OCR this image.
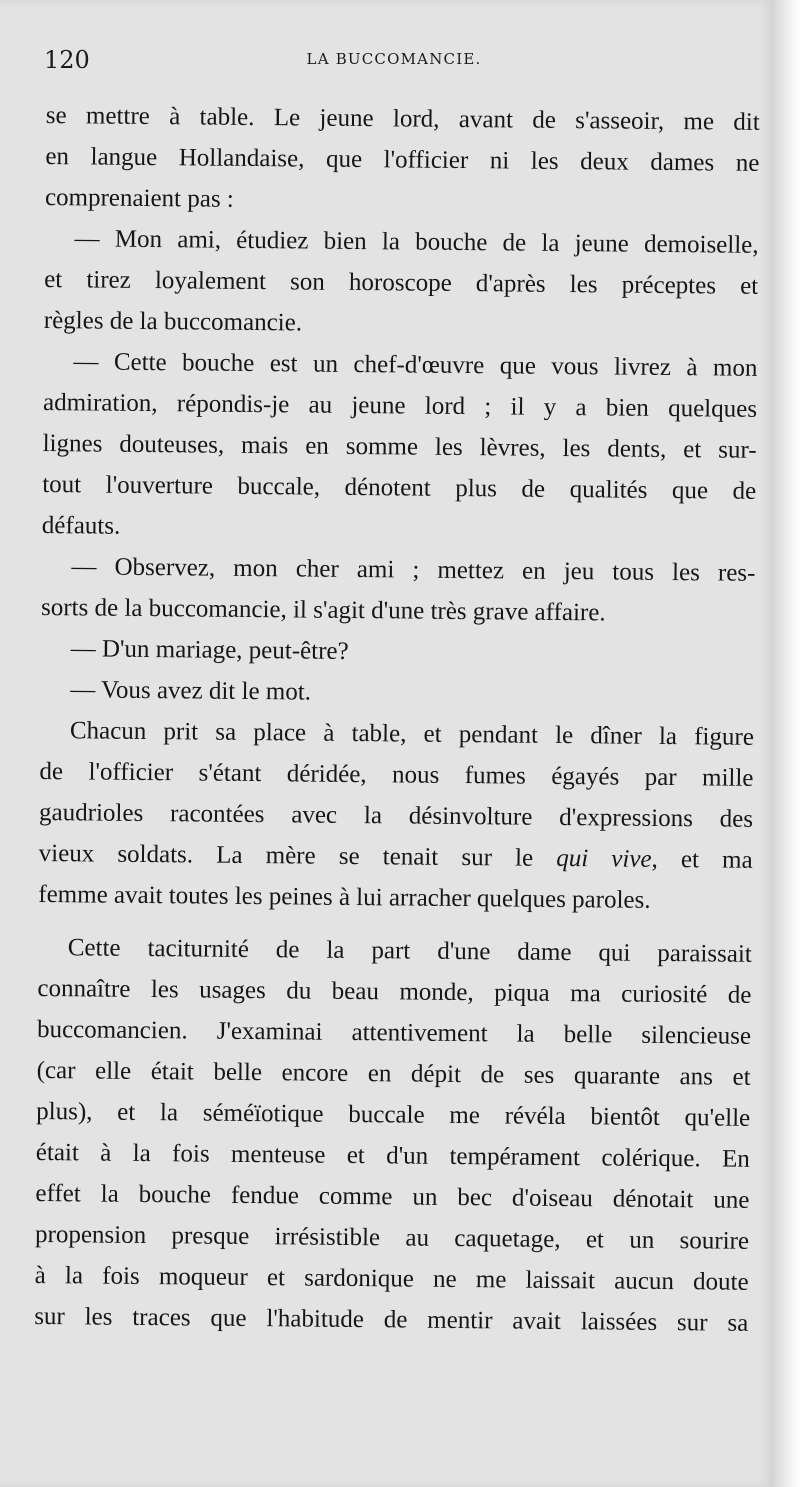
120	LA BUCCOMANCIE.

se mettre à table. Le jeune lord, avant de s'asseoir, me dit
en langue Hollandaise, que l'officier ni les deux dames ne
comprenaient pas :

— Mon ami, étudiez bien la bouche de la jeune demoiselle,
et tirez loyalement son horoscope d'après les préceptes et
règles de la buccomancie.

— Cette bouche est un chef-d'œuvre que vous livrez à mon
admiration, répondis-je au jeune lord ; il y a bien quelques
lignes douteuses, mais en somme les lèvres, les dents, et sur-
tout l'ouverture buccale, dénotent plus de qualités que de
défauts.

— Observez, mon cher ami ; mettez en jeu tous les res-
sorts de la buccomancie, il s'agit d'une très grave affaire.

— D'un mariage, peut-être?

— Vous avez dit le mot.

Chacun prit sa place à table, et pendant le dîner la figure
de l'officier s'étant déridée, nous fumes égayés par mille
gaudrioles racontées avec la désinvolture d'expressions des
vieux soldats. La mère se tenait sur le qui vive, et ma
femme avait toutes les peines à lui arracher quelques paroles.

Cette taciturnité de la part d'une dame qui paraissait
connaître les usages du beau monde, piqua ma curiosité de
buccomancien. J'examinai attentivement la belle silencieuse
(car elle était belle encore en dépit de ses quarante ans et
plus), et la séméïotique buccale me révéla bientôt qu'elle
était à la fois menteuse et d'un tempérament colérique. En
effet la bouche fendue comme un bec d'oiseau dénotait une
propension presque irrésistible au caquetage, et un sourire
à la fois moqueur et sardonique ne me laissait aucun doute
sur les traces que l'habitude de mentir avait laissées sur sa
